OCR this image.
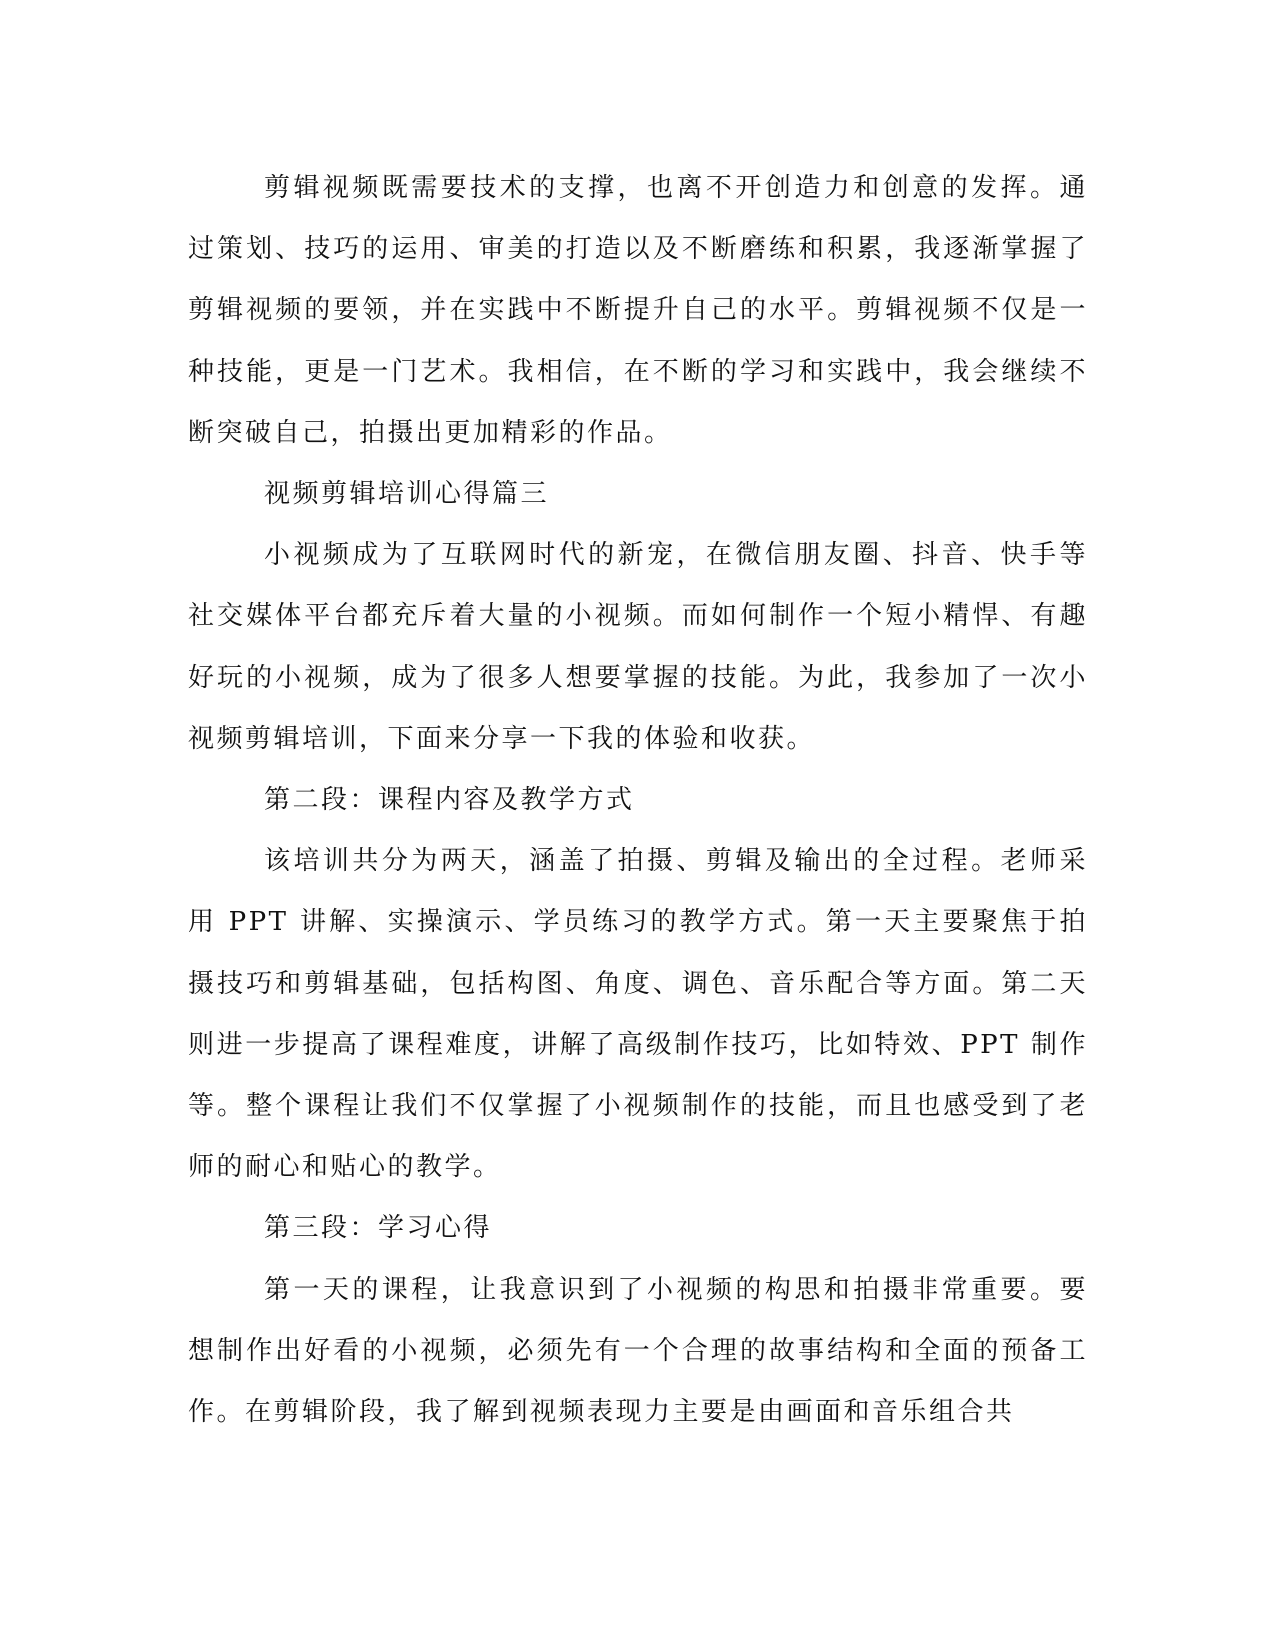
剪辑视频既需要技术的支撑，也离不开创造力和创意的发挥。通过策划、技巧的运用、审美的打造以及不断磨练和积累，我逐渐掌握了剪辑视频的要领，并在实践中不断提升自己的水平。剪辑视频不仅是一种技能，更是一门艺术。我相信，在不断的学习和实践中，我会继续不断突破自己，拍摄出更加精彩的作品。

视频剪辑培训心得篇三

小视频成为了互联网时代的新宠，在微信朋友圈、抖音、快手等社交媒体平台都充斥着大量的小视频。而如何制作一个短小精悍、有趣好玩的小视频，成为了很多人想要掌握的技能。为此，我参加了一次小视频剪辑培训，下面来分享一下我的体验和收获。

第二段：课程内容及教学方式

该培训共分为两天，涵盖了拍摄、剪辑及输出的全过程。老师采用 PPT 讲解、实操演示、学员练习的教学方式。第一天主要聚焦于拍摄技巧和剪辑基础，包括构图、角度、调色、音乐配合等方面。第二天则进一步提高了课程难度，讲解了高级制作技巧，比如特效、PPT 制作等。整个课程让我们不仅掌握了小视频制作的技能，而且也感受到了老师的耐心和贴心的教学。

第三段：学习心得

第一天的课程，让我意识到了小视频的构思和拍摄非常重要。要想制作出好看的小视频，必须先有一个合理的故事结构和全面的预备工作。在剪辑阶段，我了解到视频表现力主要是由画面和音乐组合共
